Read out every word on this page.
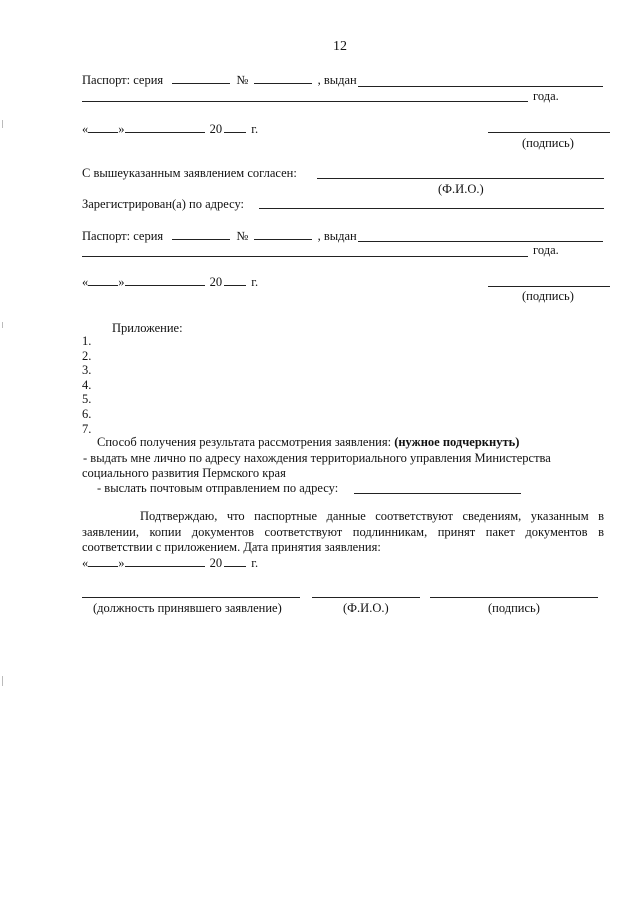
12
Паспорт: серия	№	, выдан
года.
« »	20 г.
(подпись)
С вышеуказанным заявлением согласен:
(Ф.И.О.)
Зарегистрирован(а) по адресу:
Паспорт: серия	№	, выдан
года.
« »	20 г.
(подпись)
Приложение:
1.
2.
3.
4.
5.
6.
7.
Способ получения результата рассмотрения заявления: (нужное подчеркнуть)
- выдать мне лично по адресу нахождения территориального управления Министерства
социального развития Пермского края
- выслать почтовым отправлением по адресу:
Подтверждаю, что паспортные данные соответствуют сведениям, указанным в заявлении, копии документов соответствуют подлинникам, принят пакет документов в соответствии с приложением. Дата принятия заявления:
« »	20 г.
(должность принявшего заявление)	(Ф.И.О.)	(подпись)
